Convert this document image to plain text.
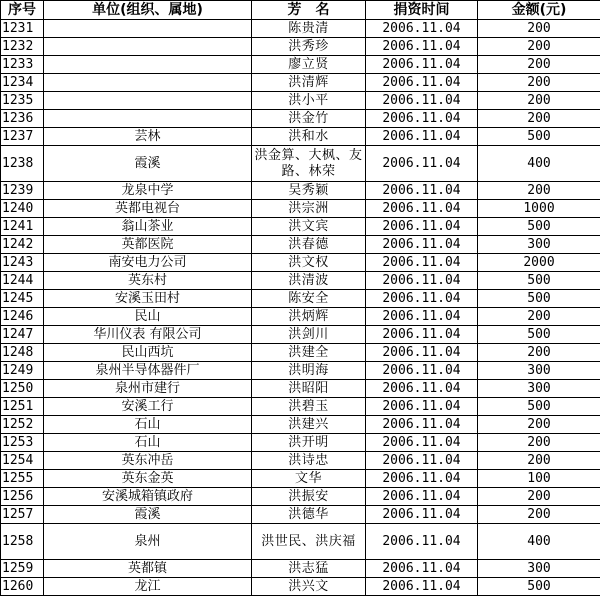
序号	单位(组织、属地)	芳　名	捐资时间	金额(元)
1231		陈贵清	2006.11.04	200
1232		洪秀珍	2006.11.04	200
1233		廖立贤	2006.11.04	200
1234		洪清辉	2006.11.04	200
1235		洪小平	2006.11.04	200
1236		洪金竹	2006.11.04	200
1237	芸林	洪和水	2006.11.04	500
1238	霞溪	洪金算、大枫、友路、林荣	2006.11.04	400
1239	龙泉中学	吴秀颖	2006.11.04	200
1240	英都电视台	洪宗洲	2006.11.04	1000
1241	翁山茶业	洪文宾	2006.11.04	500
1242	英都医院	洪春德	2006.11.04	300
1243	南安电力公司	洪文权	2006.11.04	2000
1244	英东村	洪清波	2006.11.04	500
1245	安溪玉田村	陈安全	2006.11.04	500
1246	民山	洪炳辉	2006.11.04	200
1247	华川仪表 有限公司	洪剑川	2006.11.04	500
1248	民山西坑	洪建全	2006.11.04	200
1249	泉州半导体器件厂	洪明海	2006.11.04	300
1250	泉州市建行	洪昭阳	2006.11.04	300
1251	安溪工行	洪碧玉	2006.11.04	500
1252	石山	洪建兴	2006.11.04	200
1253	石山	洪开明	2006.11.04	200
1254	英东冲岳	洪诗忠	2006.11.04	200
1255	英东金英	文华	2006.11.04	100
1256	安溪城箱镇政府	洪振安	2006.11.04	200
1257	霞溪	洪德华	2006.11.04	200
1258	泉州	洪世民、洪庆福	2006.11.04	400
1259	英都镇	洪志猛	2006.11.04	300
1260	龙江	洪兴文	2006.11.04	500
